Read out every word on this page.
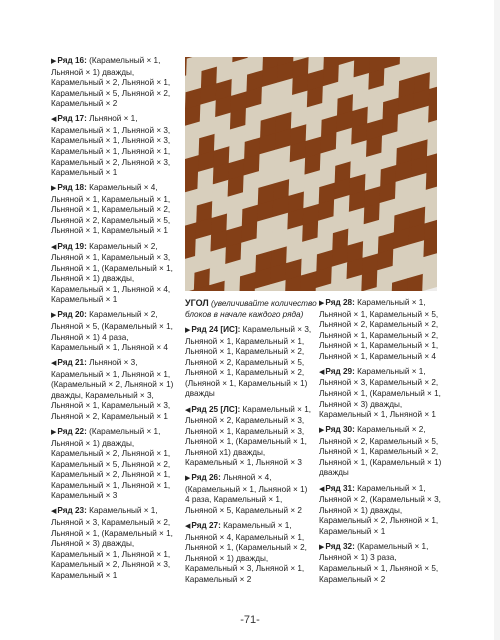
▶Ряд 16: (Карамельный × 1,
Льняной × 1) дважды,
Карамельный × 2, Льняной × 1,
Карамельный × 5, Льняной × 2,
Карамельный × 2
◀Ряд 17: Льняной × 1,
Карамельный × 1, Льняной × 3,
Карамельный × 1, Льняной × 3,
Карамельный × 1, Льняной × 1,
Карамельный × 2, Льняной × 3,
Карамельный × 1
▶Ряд 18: Карамельный × 4,
Льняной × 1, Карамельный × 1,
Льняной × 1, Карамельный × 2,
Льняной × 2, Карамельный × 5,
Льняной × 1, Карамельный × 1
◀Ряд 19: Карамельный × 2,
Льняной × 1, Карамельный × 3,
Льняной × 1, (Карамельный × 1,
Льняной × 1) дважды,
Карамельный × 1, Льняной × 4,
Карамельный × 1
▶Ряд 20: Карамельный × 2,
Льняной × 5, (Карамельный × 1,
Льняной × 1) 4 раза,
Карамельный × 1, Льняной × 4
◀Ряд 21: Льняной × 3,
Карамельный × 1, Льняной × 1,
(Карамельный × 2, Льняной × 1)
дважды, Карамельный × 3,
Льняной × 1, Карамельный × 3,
Льняной × 2, Карамельный × 1
▶Ряд 22: (Карамельный × 1,
Льняной × 1) дважды,
Карамельный × 2, Льняной × 1,
Карамельный × 5, Льняной × 2,
Карамельный × 2, Льняной × 1,
Карамельный × 1, Льняной × 1,
Карамельный × 3
◀Ряд 23: Карамельный × 1,
Льняной × 3, Карамельный × 2,
Льняной × 1, (Карамельный × 1,
Льняной × 3) дважды,
Карамельный × 1, Льняной × 1,
Карамельный × 2, Льняной × 3,
Карамельный × 1
УГОЛ (увеличивайте количество
блоков в начале каждого ряда)
▶Ряд 24 [ИС]: Карамельный × 3,
Льняной × 1, Карамельный × 1,
Льняной × 1, Карамельный × 2,
Льняной × 2, Карамельный × 5,
Льняной × 1, Карамельный × 2,
(Льняной × 1, Карамельный × 1)
дважды
◀Ряд 25 [ЛС]: Карамельный × 1,
Льняной × 2, Карамельный × 3,
Льняной × 1, Карамельный × 3,
Льняной × 1, (Карамельный × 1,
Льняной х1) дважды,
Карамельный × 1, Льняной × 3
▶Ряд 26: Льняной × 4,
(Карамельный × 1, Льняной × 1)
4 раза, Карамельный × 1,
Льняной × 5, Карамельный × 2
◀Ряд 27: Карамельный × 1,
Льняной × 4, Карамельный × 1,
Льняной × 1, (Карамельный × 2,
Льняной × 1) дважды,
Карамельный × 3, Льняной × 1,
Карамельный × 2
▶Ряд 28: Карамельный × 1,
Льняной × 1, Карамельный × 5,
Льняной × 2, Карамельный × 2,
Льняной × 1, Карамельный × 2,
Льняной × 1, Карамельный × 1,
Льняной × 1, Карамельный × 4
◀Ряд 29: Карамельный × 1,
Льняной × 3, Карамельный × 2,
Льняной × 1, (Карамельный × 1,
Льняной × 3) дважды,
Карамельный × 1, Льняной × 1
▶Ряд 30: Карамельный × 2,
Льняной × 2, Карамельный × 5,
Льняной × 1, Карамельный × 2,
Льняной × 1, (Карамельный × 1)
дважды
◀Ряд 31: Карамельный × 1,
Льняной × 2, (Карамельный × 3,
Льняной × 1) дважды,
Карамельный × 2, Льняной × 1,
Карамельный × 1
▶Ряд 32: (Карамельный × 1,
Льняной × 1) 3 раза,
Карамельный × 1, Льняной × 5,
Карамельный × 2
-71-
